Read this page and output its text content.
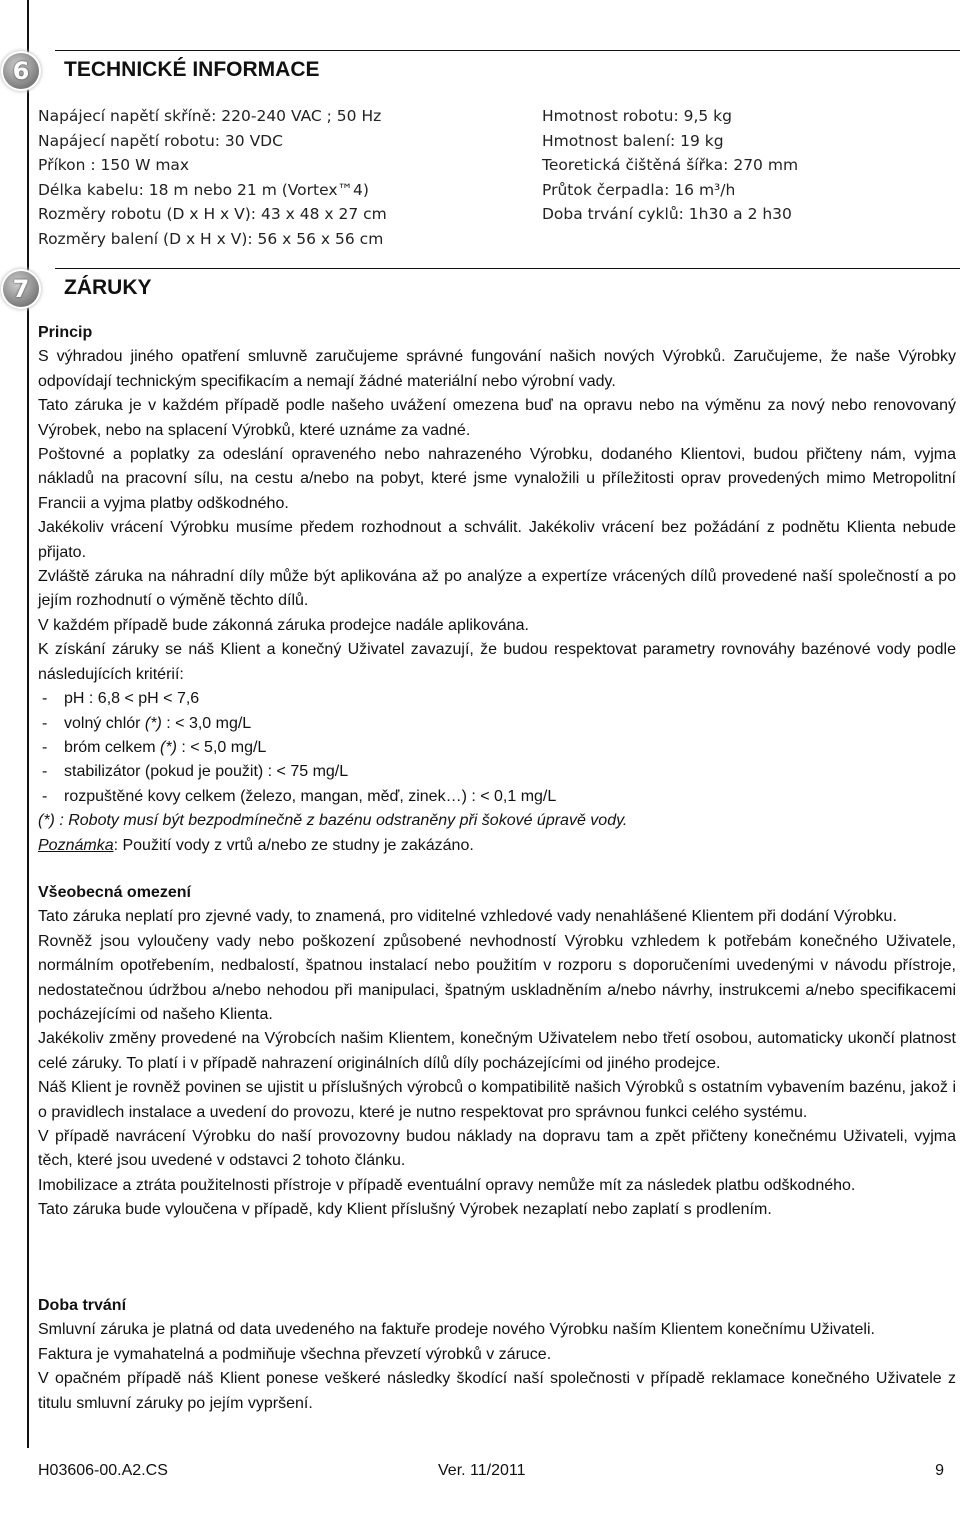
6	TECHNICKÉ INFORMACE
Napájecí napětí skříně: 220-240 VAC ; 50 Hz
Napájecí napětí robotu: 30 VDC
Příkon : 150 W max
Délka kabelu: 18 m nebo 21 m (Vortex™4)
Rozměry robotu (D x H x V): 43 x 48 x 27 cm
Rozměry balení (D x H x V): 56 x 56 x 56 cm
Hmotnost robotu: 9,5 kg
Hmotnost balení: 19 kg
Teoretická čištěná šířka: 270 mm
Průtok čerpadla: 16 m³/h
Doba trvání cyklů: 1h30 a 2 h30
7	ZÁRUKY

Princip

S výhradou jiného opatření smluvně zaručujeme správné fungování našich nových Výrobků. Zaručujeme, že naše Výrobky odpovídají technickým specifikacím a nemají žádné materiální nebo výrobní vady.

Tato záruka je v každém případě podle našeho uvážení omezena buď na opravu nebo na výměnu za nový nebo renovovaný Výrobek, nebo na splacení Výrobků, které uznáme za vadné.

Poštovné a poplatky za odeslání opraveného nebo nahrazeného Výrobku, dodaného Klientovi, budou přičteny nám, vyjma nákladů na pracovní sílu, na cestu a/nebo na pobyt, které jsme vynaložili u příležitosti oprav provedených mimo Metropolitní Francii a vyjma platby odškodného.

Jakékoliv vrácení Výrobku musíme předem rozhodnout a schválit. Jakékoliv vrácení bez požádání z podnětu Klienta nebude přijato.

Zvláště záruka na náhradní díly může být aplikována až po analýze a expertíze vrácených dílů provedené naší společností a po jejím rozhodnutí o výměně těchto dílů.

V každém případě bude zákonná záruka prodejce nadále aplikována.

K získání záruky se náš Klient a konečný Uživatel zavazují, že budou respektovat parametry rovnováhy bazénové vody podle následujících kritérií:

- pH : 6,8 < pH < 7,6
- volný chlór (*) : < 3,0 mg/L
- bróm celkem (*) : < 5,0 mg/L
- stabilizátor (pokud je použit) : < 75 mg/L
- rozpuštěné kovy celkem (železo, mangan, měď, zinek…) : < 0,1 mg/L

(*) : Roboty musí být bezpodmínečně z bazénu odstraněny při šokové úpravě vody.

Poznámka: Použití vody z vrtů a/nebo ze studny je zakázáno.

Všeobecná omezení

Tato záruka neplatí pro zjevné vady, to znamená, pro viditelné vzhledové vady nenahlášené Klientem při dodání Výrobku.

Rovněž jsou vyloučeny vady nebo poškození způsobené nevhodností Výrobku vzhledem k potřebám konečného Uživatele, normálním opotřebením, nedbalostí, špatnou instalací nebo použitím v rozporu s doporučeními uvedenými v návodu přístroje, nedostatečnou údržbou a/nebo nehodou při manipulaci, špatným uskladněním a/nebo návrhy, instrukcemi a/nebo specifikacemi pocházejícími od našeho Klienta.

Jakékoliv změny provedené na Výrobcích našim Klientem, konečným Uživatelem nebo třetí osobou, automaticky ukončí platnost celé záruky. To platí i v případě nahrazení originálních dílů díly pocházejícími od jiného prodejce.

Náš Klient je rovněž povinen se ujistit u příslušných výrobců o kompatibilitě našich Výrobků s ostatním vybavením bazénu, jakož i o pravidlech instalace a uvedení do provozu, které je nutno respektovat pro správnou funkci celého systému.

V případě navrácení Výrobku do naší provozovny budou náklady na dopravu tam a zpět přičteny konečnému Uživateli, vyjma těch, které jsou uvedené v odstavci 2 tohoto článku.

Imobilizace a ztráta použitelnosti přístroje v případě eventuální opravy nemůže mít za následek platbu odškodného.

Tato záruka bude vyloučena v případě, kdy Klient příslušný Výrobek nezaplatí nebo zaplatí s prodlením.

Doba trvání

Smluvní záruka je platná od data uvedeného na faktuře prodeje nového Výrobku naším Klientem konečnímu Uživateli.

Faktura je vymahatelná a podmiňuje všechna převzetí výrobků v záruce.

V opačném případě náš Klient ponese veškeré následky škodící naší společnosti v případě reklamace konečného Uživatele z titulu smluvní záruky po jejím vypršení.

H03606-00.A2.CS	Ver. 11/2011	9
